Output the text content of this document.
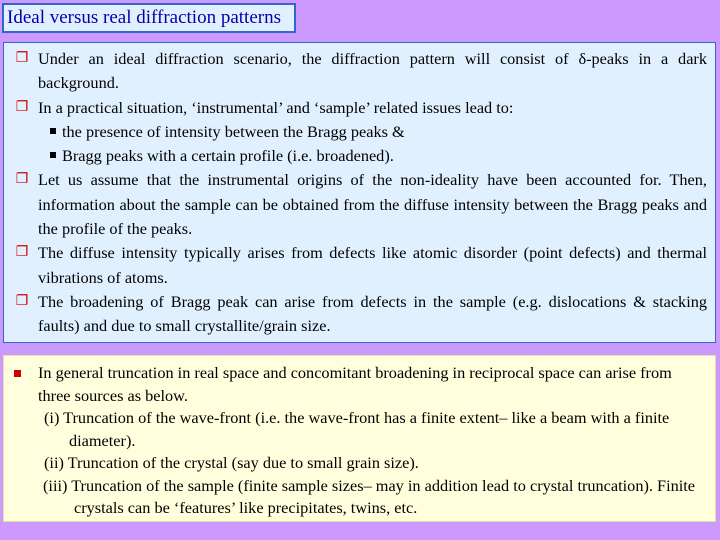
Ideal versus real diffraction patterns
❐ Under an ideal diffraction scenario, the diffraction pattern will consist of δ-peaks in a dark background.
❐ In a practical situation, ‘instrumental’ and ‘sample’ related issues lead to:
the presence of intensity between the Bragg peaks &
Bragg peaks with a certain profile (i.e. broadened).
❐ Let us assume that the instrumental origins of the non-ideality have been accounted for. Then, information about the sample can be obtained from the diffuse intensity between the Bragg peaks and the profile of the peaks.
❐ The diffuse intensity typically arises from defects like atomic disorder (point defects) and thermal vibrations of atoms.
❐ The broadening of Bragg peak can arise from defects in the sample (e.g. dislocations & stacking faults) and due to small crystallite/grain size.
In general truncation in real space and concomitant broadening in reciprocal space can arise from three sources as below.
(i) Truncation of the wave-front (i.e. the wave-front has a finite extent– like a beam with a finite diameter).
(ii) Truncation of the crystal (say due to small grain size).
(iii) Truncation of the sample (finite sample sizes– may in addition lead to crystal truncation). Finite crystals can be ‘features’ like precipitates, twins, etc.
